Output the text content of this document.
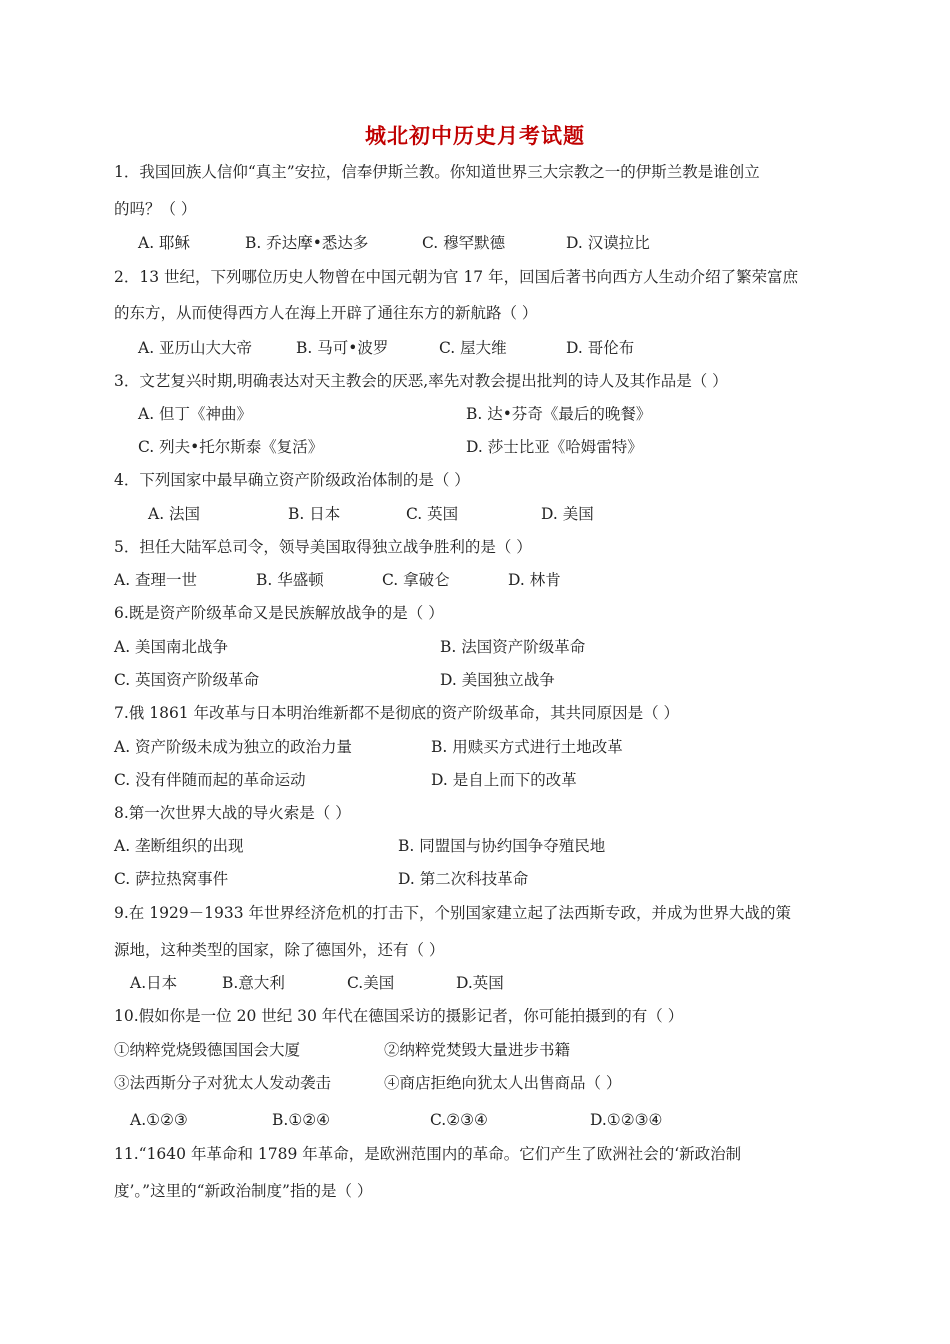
城北初中历史月考试题
1．我国回族人信仰“真主”安拉，信奉伊斯兰教。你知道世界三大宗教之一的伊斯兰教是谁创立
的吗？（ ）
A. 耶稣	B. 乔达摩•悉达多	C. 穆罕默德	D. 汉谟拉比
2．13 世纪，下列哪位历史人物曾在中国元朝为官 17 年，回国后著书向西方人生动介绍了繁荣富庶
的东方，从而使得西方人在海上开辟了通往东方的新航路（ ）
A. 亚历山大大帝	B. 马可•波罗	C. 屋大维	D. 哥伦布
3．文艺复兴时期,明确表达对天主教会的厌恶,率先对教会提出批判的诗人及其作品是（ ）
A. 但丁《神曲》	B. 达•芬奇《最后的晚餐》
C. 列夫•托尔斯泰《复活》	D. 莎士比亚《哈姆雷特》
4．下列国家中最早确立资产阶级政治体制的是（ ）
A. 法国	B. 日本	C. 英国	D. 美国
5．担任大陆军总司令，领导美国取得独立战争胜利的是（ ）
A. 查理一世	B. 华盛顿	C. 拿破仑	D. 林肯
6.既是资产阶级革命又是民族解放战争的是（ ）
A. 美国南北战争	B. 法国资产阶级革命
C. 英国资产阶级革命	D. 美国独立战争
7.俄 1861 年改革与日本明治维新都不是彻底的资产阶级革命，其共同原因是（ ）
A. 资产阶级未成为独立的政治力量	B. 用赎买方式进行土地改革
C. 没有伴随而起的革命运动	D. 是自上而下的改革
8.第一次世界大战的导火索是（ ）
A. 垄断组织的出现	B. 同盟国与协约国争夺殖民地
C. 萨拉热窝事件	D. 第二次科技革命
9.在 1929－1933 年世界经济危机的打击下，个别国家建立起了法西斯专政，并成为世界大战的策
源地，这种类型的国家，除了德国外，还有（ ）
A.日本	B.意大利	C.美国	D.英国
10.假如你是一位 20 世纪 30 年代在德国采访的摄影记者，你可能拍摄到的有（ ）
①纳粹党烧毁德国国会大厦	②纳粹党焚毁大量进步书籍
③法西斯分子对犹太人发动袭击	④商店拒绝向犹太人出售商品（ ）
A.①②③	B.①②④	C.②③④	D.①②③④
11.“1640 年革命和 1789 年革命，是欧洲范围内的革命。它们产生了欧洲社会的‘新政治制
度’。”这里的“新政治制度”指的是（ ）
